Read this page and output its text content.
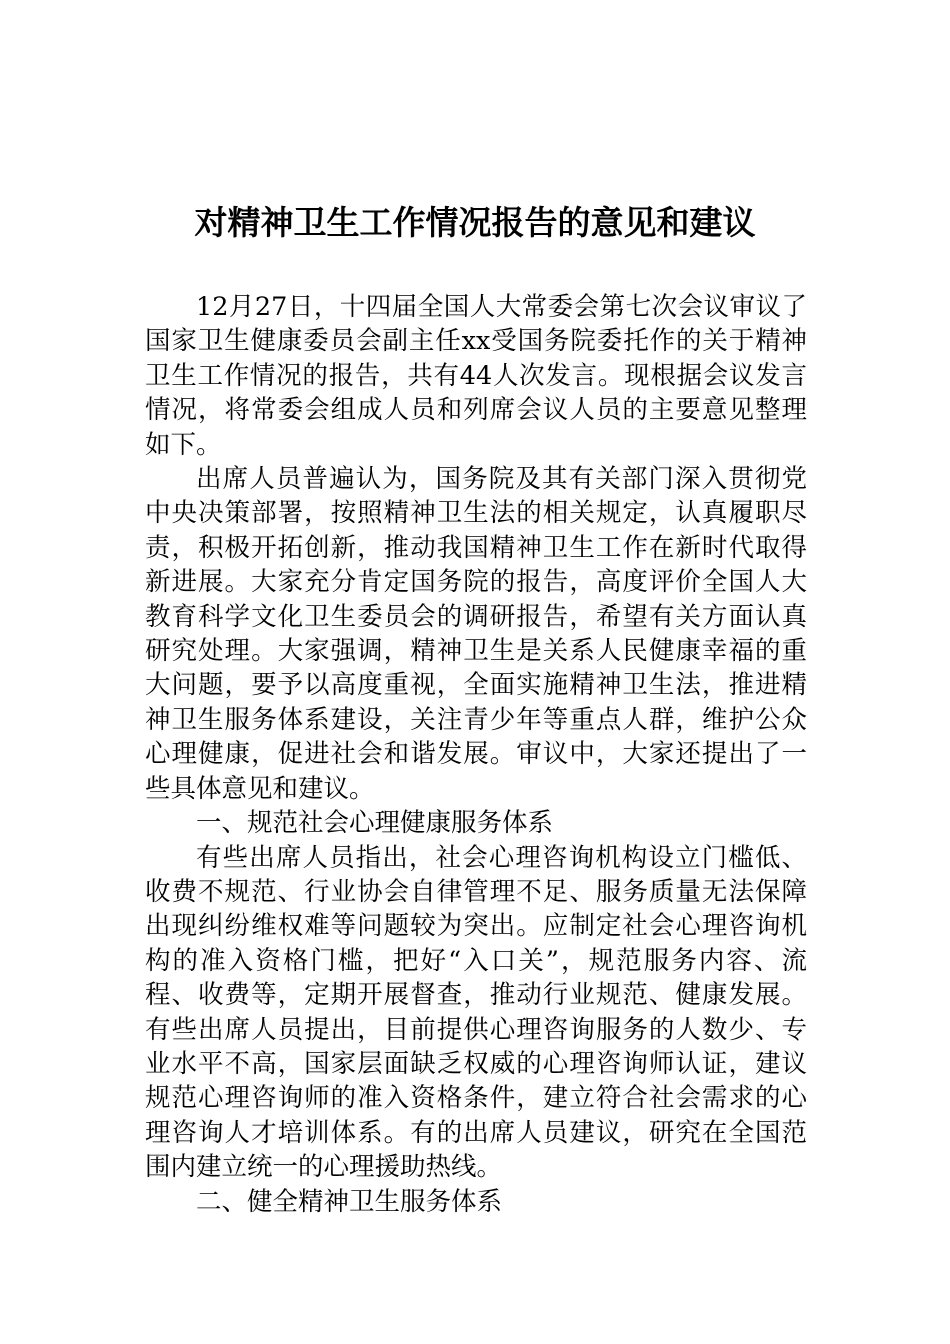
对精神卫生工作情况报告的意见和建议

12月27日，十四届全国人大常委会第七次会议审议了国家卫生健康委员会副主任xx受国务院委托作的关于精神卫生工作情况的报告，共有44人次发言。现根据会议发言情况，将常委会组成人员和列席会议人员的主要意见整理如下。

出席人员普遍认为，国务院及其有关部门深入贯彻党中央决策部署，按照精神卫生法的相关规定，认真履职尽责，积极开拓创新，推动我国精神卫生工作在新时代取得新进展。大家充分肯定国务院的报告，高度评价全国人大教育科学文化卫生委员会的调研报告，希望有关方面认真研究处理。大家强调，精神卫生是关系人民健康幸福的重大问题，要予以高度重视，全面实施精神卫生法，推进精神卫生服务体系建设，关注青少年等重点人群，维护公众心理健康，促进社会和谐发展。审议中，大家还提出了一些具体意见和建议。

一、规范社会心理健康服务体系

有些出席人员指出，社会心理咨询机构设立门槛低、收费不规范、行业协会自律管理不足、服务质量无法保障出现纠纷维权难等问题较为突出。应制定社会心理咨询机构的准入资格门槛，把好“入口关”，规范服务内容、流程、收费等，定期开展督查，推动行业规范、健康发展。有些出席人员提出，目前提供心理咨询服务的人数少、专业水平不高，国家层面缺乏权威的心理咨询师认证，建议规范心理咨询师的准入资格条件，建立符合社会需求的心理咨询人才培训体系。有的出席人员建议，研究在全国范围内建立统一的心理援助热线。

二、健全精神卫生服务体系
